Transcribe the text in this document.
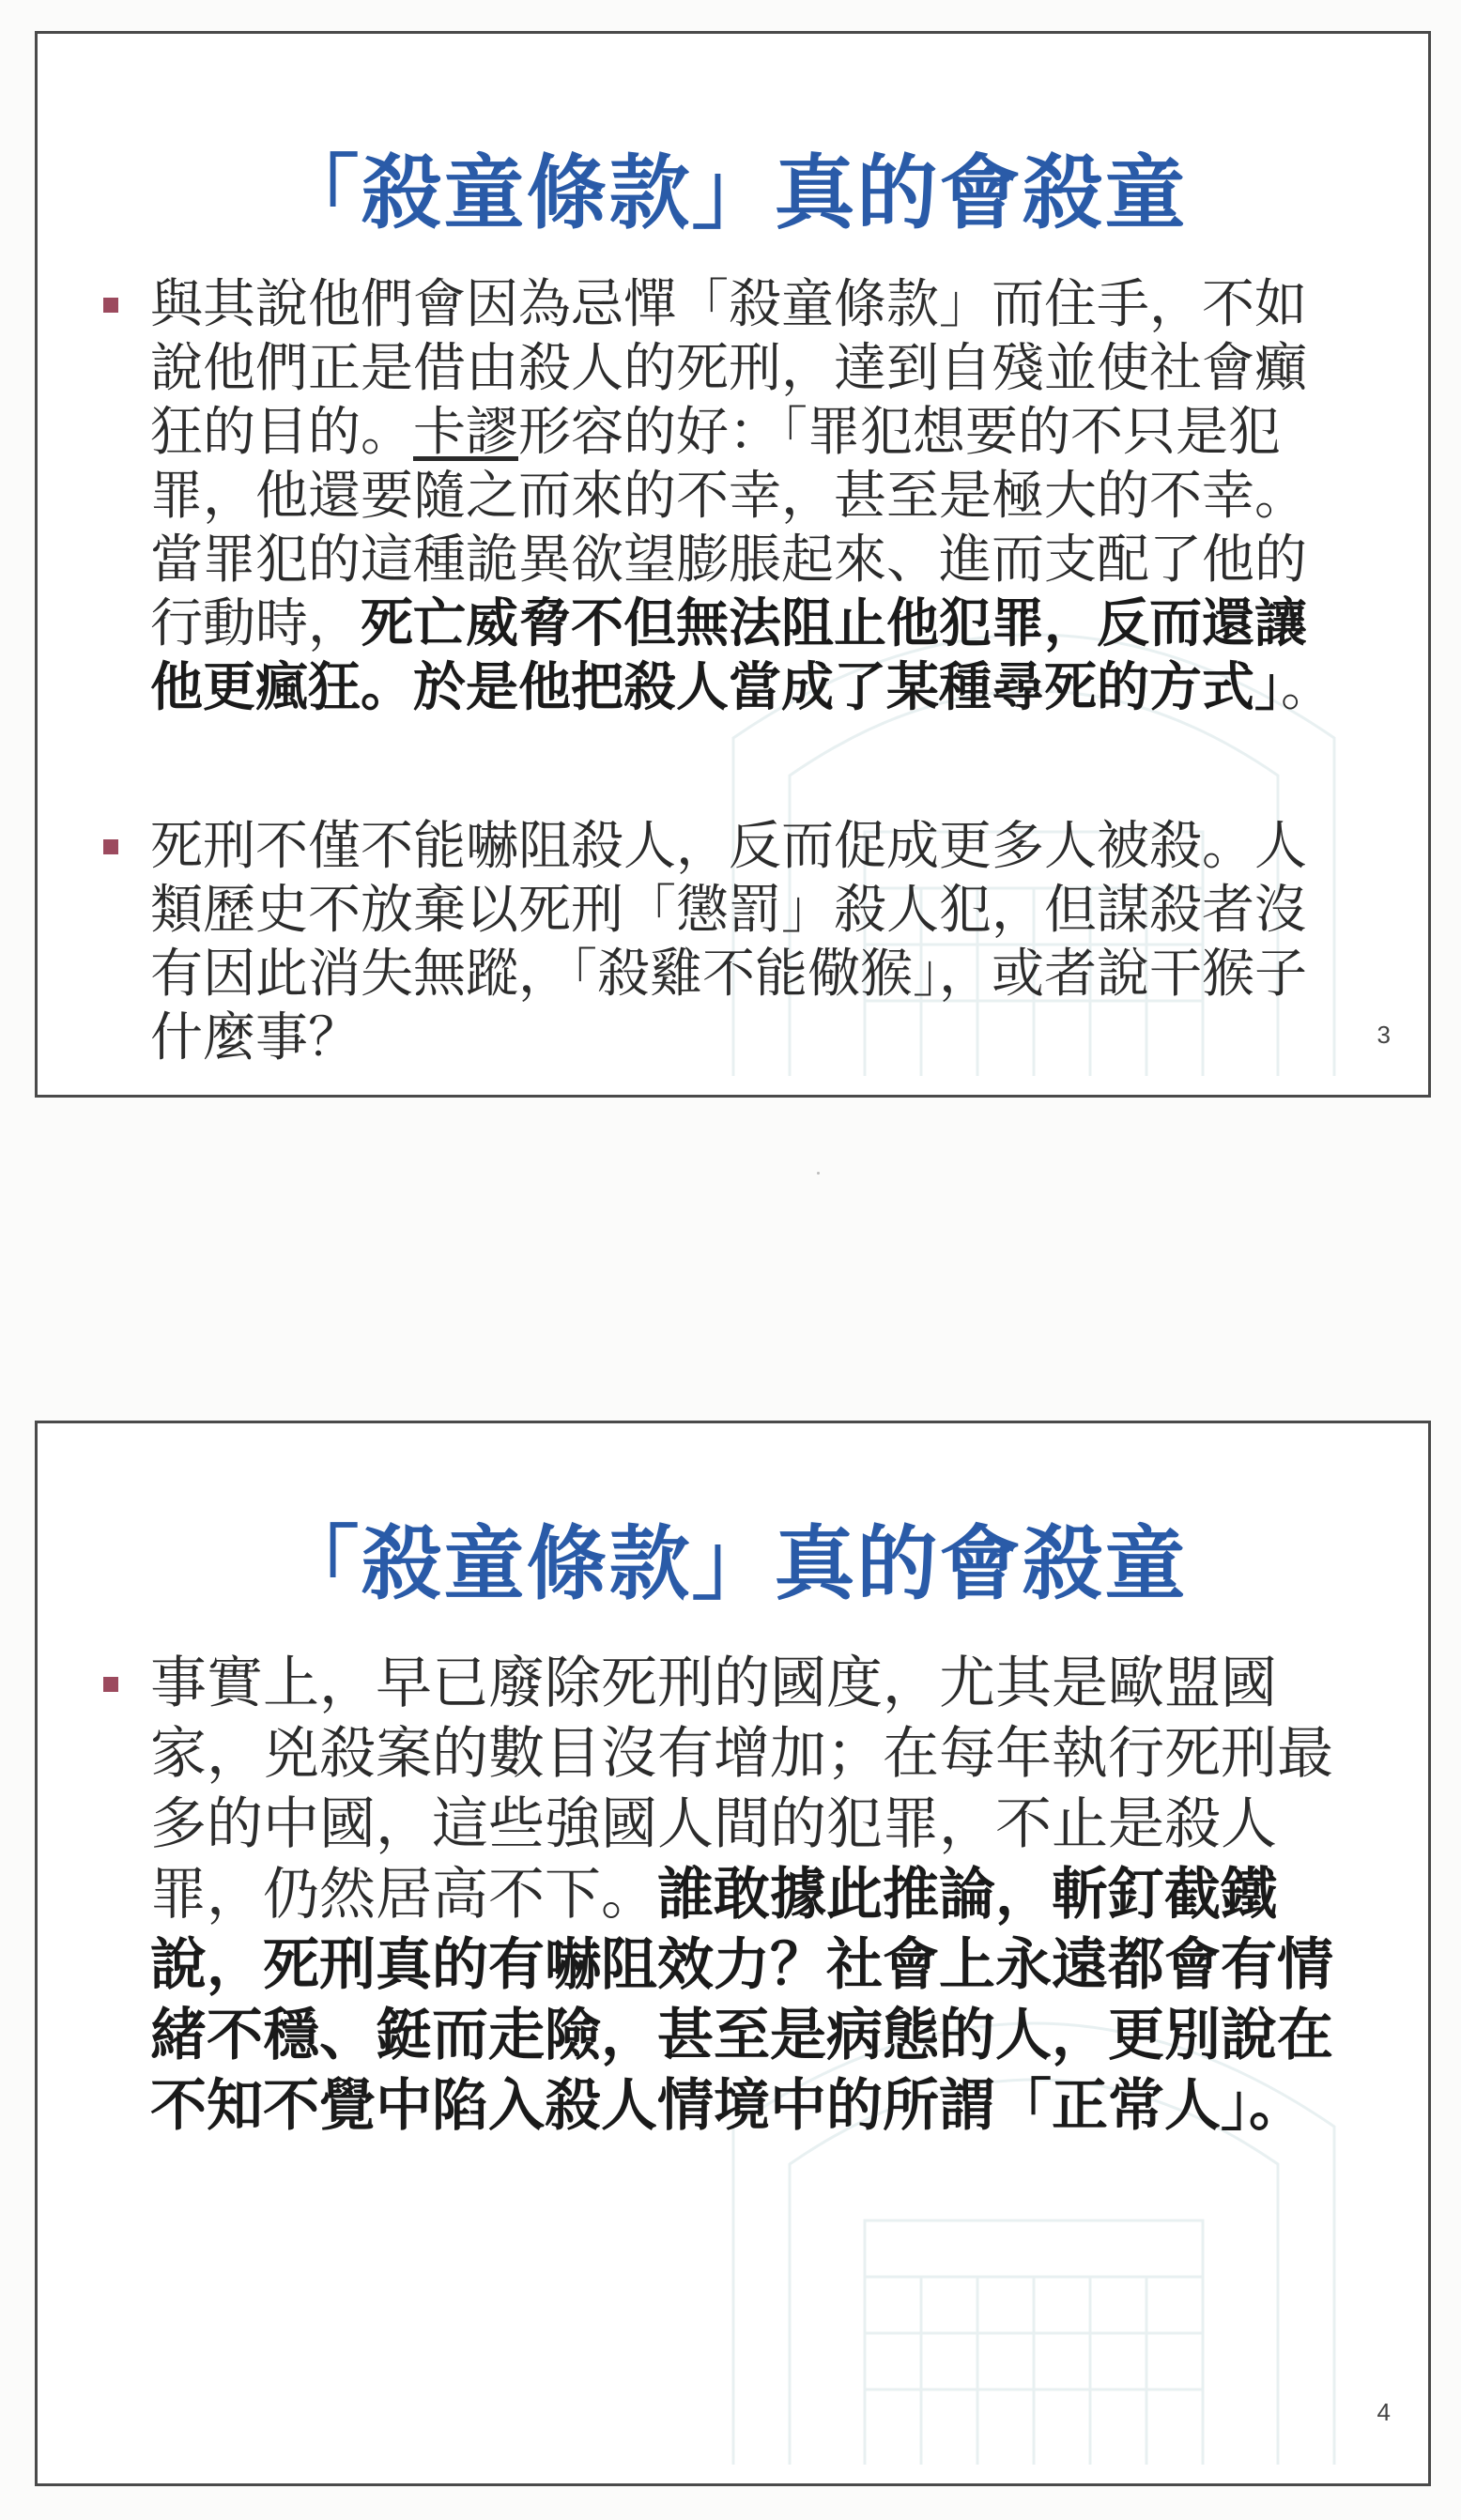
「殺童條款」真的會殺童

與其說他們會因為忌憚「殺童條款」而住手，不如說他們正是借由殺人的死刑，達到自殘並使社會癲狂的目的。卡謬形容的好：「罪犯想要的不只是犯罪，他還要隨之而來的不幸，甚至是極大的不幸。當罪犯的這種詭異欲望膨脹起來、進而支配了他的行動時，死亡威脅不但無法阻止他犯罪，反而還讓他更瘋狂。於是他把殺人當成了某種尋死的方式」。

死刑不僅不能嚇阻殺人，反而促成更多人被殺。人類歷史不放棄以死刑「懲罰」殺人犯，但謀殺者沒有因此消失無蹤，「殺雞不能儆猴」，或者說干猴子什麼事？	3
「殺童條款」真的會殺童

事實上，早已廢除死刑的國度，尤其是歐盟國家，兇殺案的數目沒有增加；在每年執行死刑最多的中國，這些強國人間的犯罪，不止是殺人罪，仍然居高不下。誰敢據此推論，斬釘截鐵說，死刑真的有嚇阻效力？社會上永遠都會有情緒不穩、鋌而走險，甚至是病態的人，更別說在不知不覺中陷入殺人情境中的所謂「正常人」。

4
